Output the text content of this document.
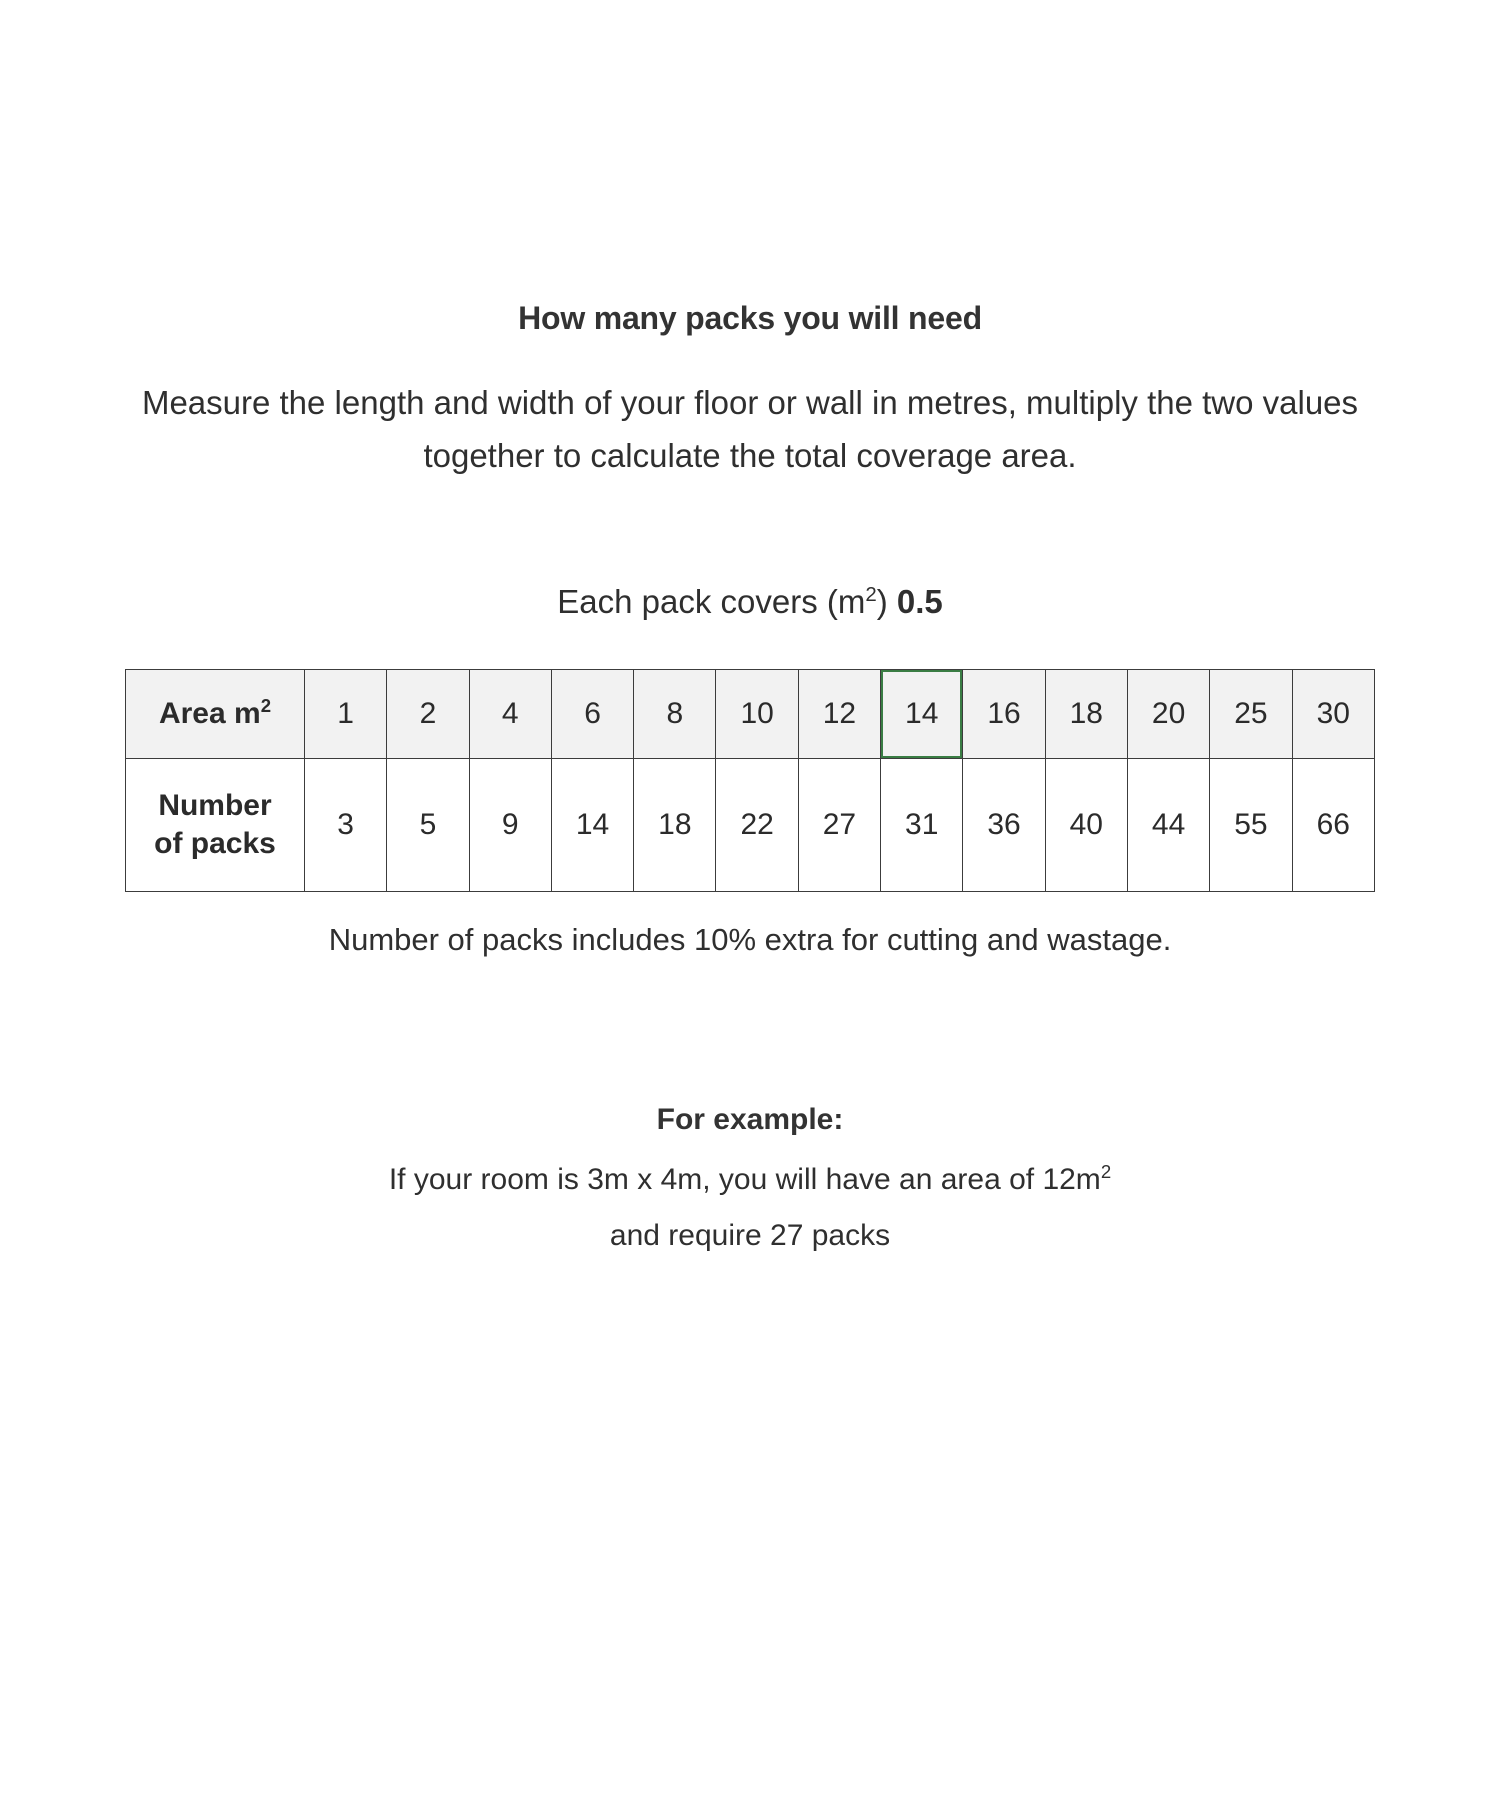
How many packs you will need
Measure the length and width of your floor or wall in metres, multiply the two values together to calculate the total coverage area.
Each pack covers $(m^2)$ 0.5
Area $m^2$	1	2	4	6	8	10	12	14	16	18	20	25	30

Number
of packs	3	5	9	14	18	22	27	31	36	40	44	55	66
Number of packs includes 10% extra for cutting and wastage.
For example:
If your room is 3m x 4m, you will have an area of $12m^2$
and require 27 packs
